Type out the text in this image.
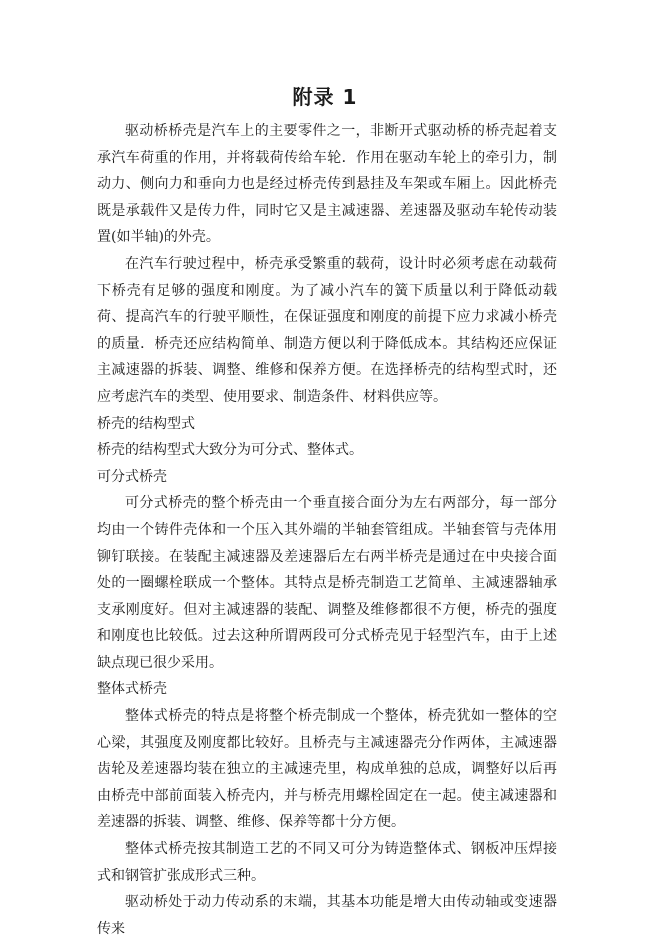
附录 1

驱动桥桥壳是汽车上的主要零件之一，非断开式驱动桥的桥壳起着支承汽车荷重的作用，并将载荷传给车轮．作用在驱动车轮上的牵引力，制动力、侧向力和垂向力也是经过桥壳传到悬挂及车架或车厢上。因此桥壳既是承载件又是传力件，同时它又是主减速器、差速器及驱动车轮传动装置(如半轴)的外壳。

在汽车行驶过程中，桥壳承受繁重的载荷，设计时必须考虑在动载荷下桥壳有足够的强度和刚度。为了减小汽车的簧下质量以利于降低动载荷、提高汽车的行驶平顺性，在保证强度和刚度的前提下应力求减小桥壳的质量．桥壳还应结构简单、制造方便以利于降低成本。其结构还应保证主减速器的拆装、调整、维修和保养方便。在选择桥壳的结构型式时，还应考虑汽车的类型、使用要求、制造条件、材料供应等。

桥壳的结构型式

桥壳的结构型式大致分为可分式、整体式。

可分式桥壳

可分式桥壳的整个桥壳由一个垂直接合面分为左右两部分，每一部分均由一个铸件壳体和一个压入其外端的半轴套管组成。半轴套管与壳体用铆钉联接。在装配主减速器及差速器后左右两半桥壳是通过在中央接合面处的一圈螺栓联成一个整体。其特点是桥壳制造工艺简单、主减速器轴承支承刚度好。但对主减速器的装配、调整及维修都很不方便，桥壳的强度和刚度也比较低。过去这种所谓两段可分式桥壳见于轻型汽车，由于上述缺点现已很少采用。

整体式桥壳

整体式桥壳的特点是将整个桥壳制成一个整体，桥壳犹如一整体的空心梁，其强度及刚度都比较好。且桥壳与主减速器壳分作两体，主减速器齿轮及差速器均装在独立的主减速壳里，构成单独的总成，调整好以后再由桥壳中部前面装入桥壳内，并与桥壳用螺栓固定在一起。使主减速器和差速器的拆装、调整、维修、保养等都十分方便。

整体式桥壳按其制造工艺的不同又可分为铸造整体式、钢板冲压焊接式和钢管扩张成形式三种。

驱动桥处于动力传动系的末端，其基本功能是增大由传动轴或变速器传来
